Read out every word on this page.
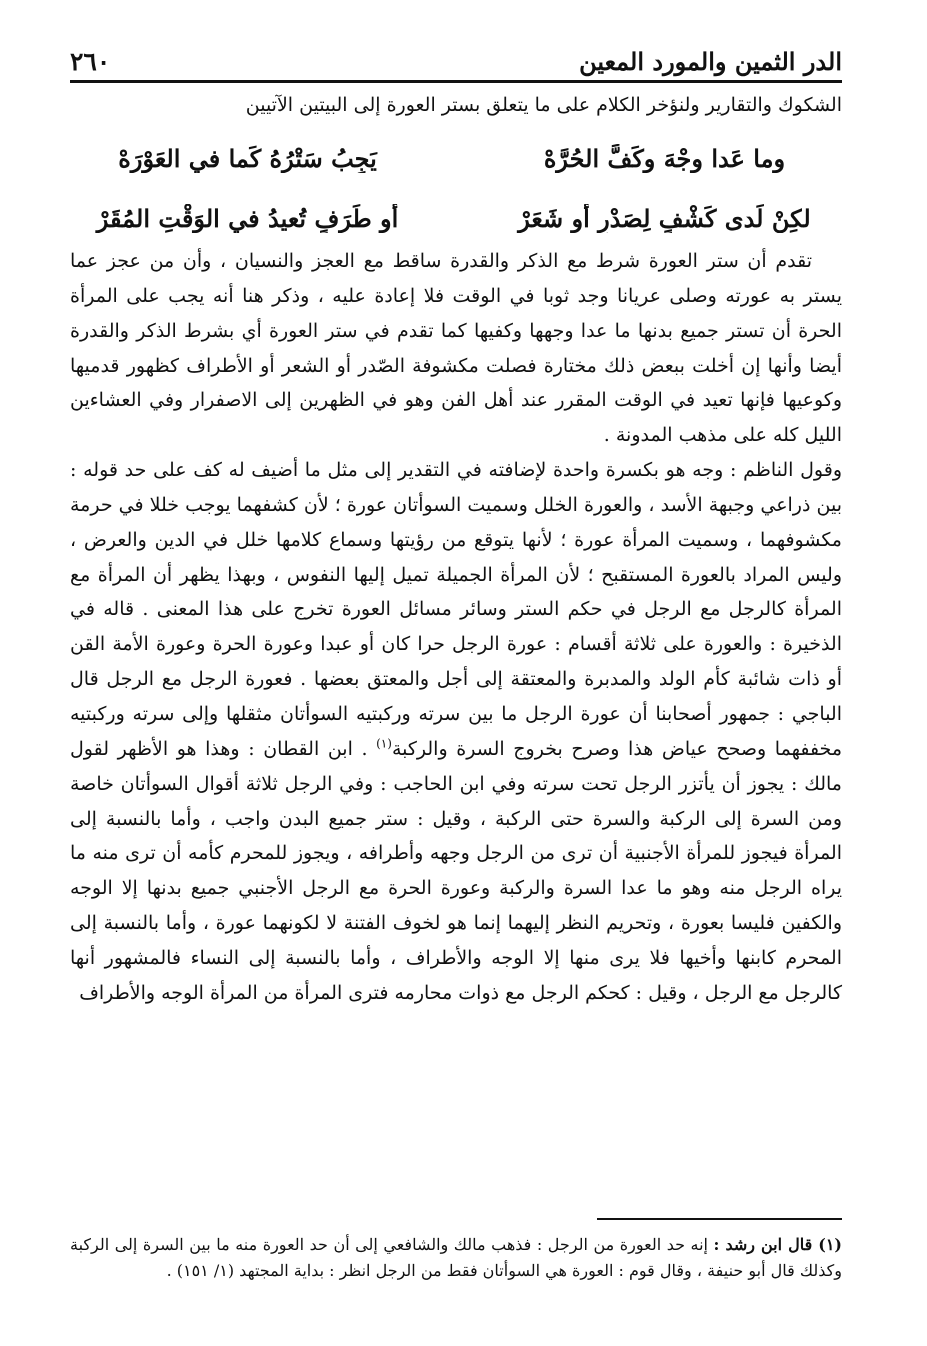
الدر الثمين والمورد المعين
٢٦٠
الشكوك والتقارير ولنؤخر الكلام على ما يتعلق بستر العورة إلى البيتين الآتيين
وما عَدا وجْهَ وكَفَّ الحُرَّهْ
يَجِبُ سَتْرُهُ كَما في العَوْرَهْ
لكِنْ لَدى كَشْفٍ لِصَدْرٍ أو شَعَرْ
أو طَرَفٍ تُعيدُ في الوَقْتِ المُقَرْ

تقدم أن ستر العورة شرط مع الذكر والقدرة ساقط مع العجز والنسيان ، وأن من عجز عما يستر به عورته وصلى عريانا وجد ثوبا في الوقت فلا إعادة عليه ، وذكر هنا أنه يجب على المرأة الحرة أن تستر جميع بدنها ما عدا وجهها وكفيها كما تقدم في ستر العورة أي بشرط الذكر والقدرة أيضا وأنها إن أخلت ببعض ذلك مختارة فصلت مكشوفة الصّدر أو الشعر أو الأطراف كظهور قدميها وكوعيها فإنها تعيد في الوقت المقرر عند أهل الفن وهو في الظهرين إلى الاصفرار وفي العشاءين الليل كله على مذهب المدونة .

وقول الناظم : وجه هو بكسرة واحدة لإضافته في التقدير إلى مثل ما أضيف له كف على حد قوله : بين ذراعي وجبهة الأسد ، والعورة الخلل وسميت السوأتان عورة ؛ لأن كشفهما يوجب خللا في حرمة مكشوفهما ، وسميت المرأة عورة ؛ لأنها يتوقع من رؤيتها وسماع كلامها خلل في الدين والعرض ، وليس المراد بالعورة المستقبح ؛ لأن المرأة الجميلة تميل إليها النفوس ، وبهذا يظهر أن المرأة مع المرأة كالرجل مع الرجل في حكم الستر وسائر مسائل العورة تخرج على هذا المعنى . قاله في الذخيرة : والعورة على ثلاثة أقسام : عورة الرجل حرا كان أو عبدا وعورة الحرة وعورة الأمة القن أو ذات شائبة كأم الولد والمدبرة والمعتقة إلى أجل والمعتق بعضها . فعورة الرجل مع الرجل قال الباجي : جمهور أصحابنا أن عورة الرجل ما بين سرته وركبتيه السوأتان مثقلها وإلى سرته وركبتيه مخففهما وصحح عياض هذا وصرح بخروج السرة والركبة$^{(١)}$ . ابن القطان : وهذا هو الأظهر لقول مالك : يجوز أن يأتزر الرجل تحت سرته وفي ابن الحاجب : وفي الرجل ثلاثة أقوال السوأتان خاصة ومن السرة إلى الركبة والسرة حتى الركبة ، وقيل : ستر جميع البدن واجب ، وأما بالنسبة إلى المرأة فيجوز للمرأة الأجنبية أن ترى من الرجل وجهه وأطرافه ، ويجوز للمحرم كأمه أن ترى منه ما يراه الرجل منه وهو ما عدا السرة والركبة وعورة الحرة مع الرجل الأجنبي جميع بدنها إلا الوجه والكفين فليسا بعورة ، وتحريم النظر إليهما إنما هو لخوف الفتنة لا لكونهما عورة ، وأما بالنسبة إلى المحرم كابنها وأخيها فلا يرى منها إلا الوجه والأطراف ، وأما بالنسبة إلى النساء فالمشهور أنها كالرجل مع الرجل ، وقيل : كحكم الرجل مع ذوات محارمه فترى المرأة من المرأة الوجه والأطراف

(١) قال ابن رشد : إنه حد العورة من الرجل : فذهب مالك والشافعي إلى أن حد العورة منه ما بين السرة إلى الركبة وكذلك قال أبو حنيفة ، وقال قوم : العورة هي السوأتان فقط من الرجل انظر : بداية المجتهد (١/ ١٥١) .
